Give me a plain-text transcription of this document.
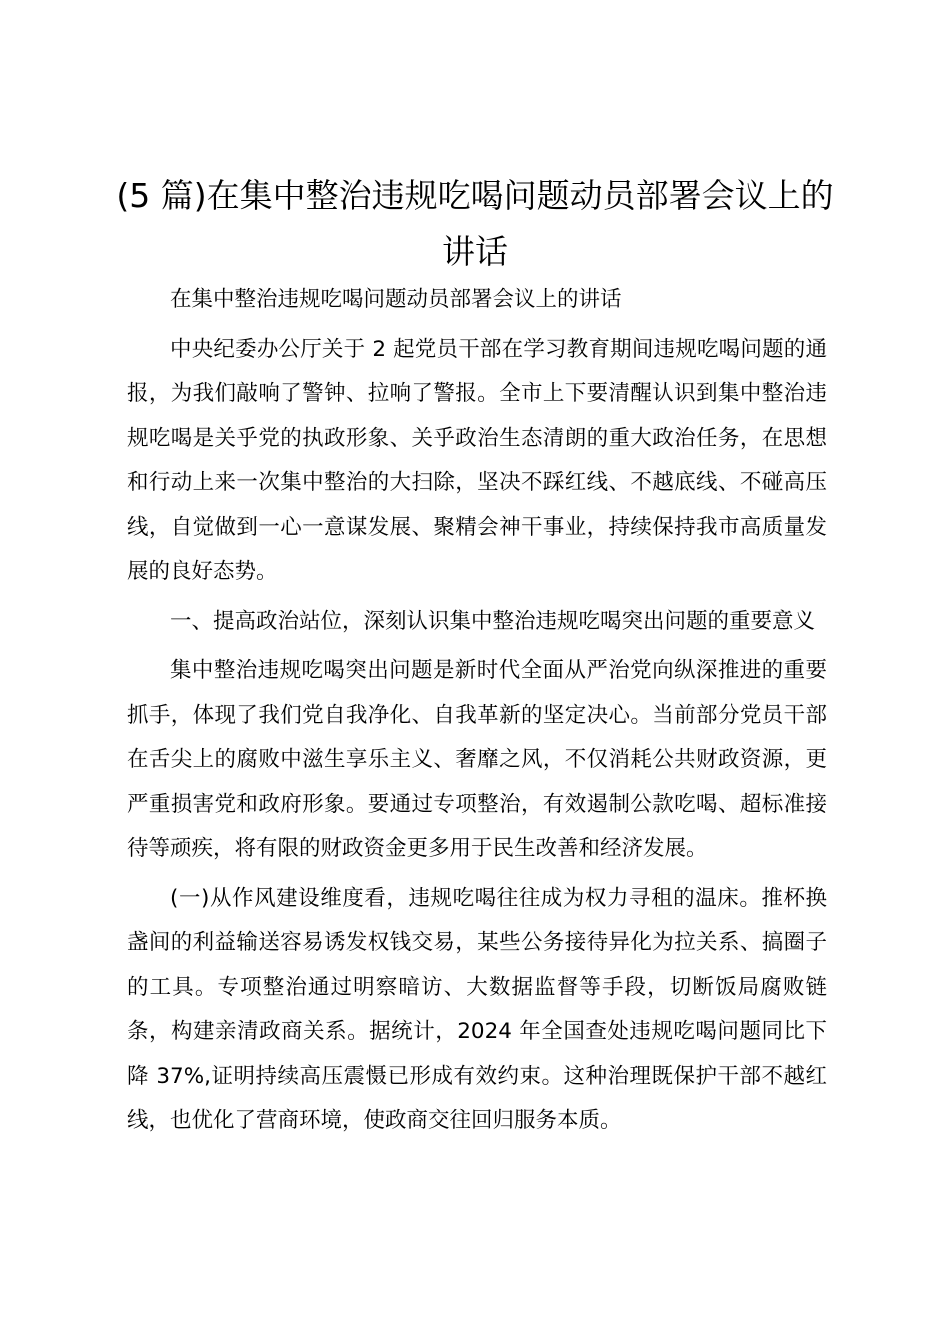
(5 篇)在集中整治违规吃喝问题动员部署会议上的讲话

在集中整治违规吃喝问题动员部署会议上的讲话

中央纪委办公厅关于 2 起党员干部在学习教育期间违规吃喝问题的通报，为我们敲响了警钟、拉响了警报。全市上下要清醒认识到集中整治违规吃喝是关乎党的执政形象、关乎政治生态清朗的重大政治任务，在思想和行动上来一次集中整治的大扫除，坚决不踩红线、不越底线、不碰高压线，自觉做到一心一意谋发展、聚精会神干事业，持续保持我市高质量发展的良好态势。

一、提高政治站位，深刻认识集中整治违规吃喝突出问题的重要意义

集中整治违规吃喝突出问题是新时代全面从严治党向纵深推进的重要抓手，体现了我们党自我净化、自我革新的坚定决心。当前部分党员干部在舌尖上的腐败中滋生享乐主义、奢靡之风，不仅消耗公共财政资源，更严重损害党和政府形象。要通过专项整治，有效遏制公款吃喝、超标准接待等顽疾，将有限的财政资金更多用于民生改善和经济发展。

(一)从作风建设维度看，违规吃喝往往成为权力寻租的温床。推杯换盏间的利益输送容易诱发权钱交易，某些公务接待异化为拉关系、搞圈子的工具。专项整治通过明察暗访、大数据监督等手段，切断饭局腐败链条，构建亲清政商关系。据统计，2024 年全国查处违规吃喝问题同比下降 37%,证明持续高压震慑已形成有效约束。这种治理既保护干部不越红线，也优化了营商环境，使政商交往回归服务本质。
